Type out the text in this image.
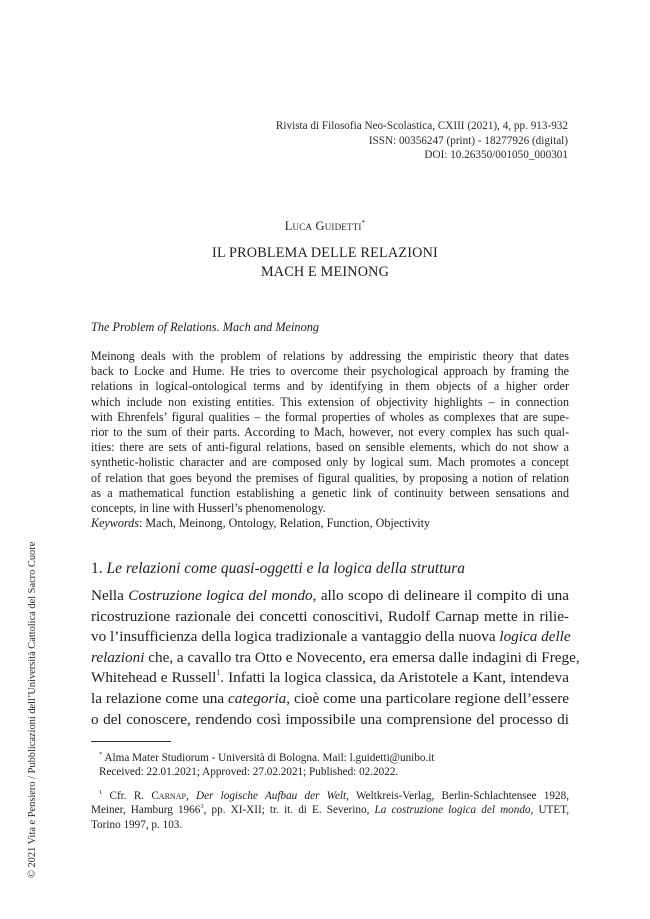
Rivista di Filosofia Neo-Scolastica, CXIII (2021), 4, pp. 913-932
ISSN: 00356247 (print) - 18277926 (digital)
DOI: 10.26350/001050_000301
Luca Guidetti*
IL PROBLEMA DELLE RELAZIONI
MACH E MEINONG
The Problem of Relations. Mach and Meinong
Meinong deals with the problem of relations by addressing the empiristic theory that dates
back to Locke and Hume. He tries to overcome their psychological approach by framing the
relations in logical-ontological terms and by identifying in them objects of a higher order
which include non existing entities. This extension of objectivity highlights – in connection
with Ehrenfels’ figural qualities – the formal properties of wholes as complexes that are supe-
rior to the sum of their parts. According to Mach, however, not every complex has such qual-
ities: there are sets of anti-figural relations, based on sensible elements, which do not show a
synthetic-holistic character and are composed only by logical sum. Mach promotes a concept
of relation that goes beyond the premises of figural qualities, by proposing a notion of relation
as a mathematical function establishing a genetic link of continuity between sensations and
concepts, in line with Husserl’s phenomenology.
Keywords: Mach, Meinong, Ontology, Relation, Function, Objectivity
1. Le relazioni come quasi-oggetti e la logica della struttura
Nella Costruzione logica del mondo, allo scopo di delineare il compito di una
ricostruzione razionale dei concetti conoscitivi, Rudolf Carnap mette in rilie-
vo l’insufficienza della logica tradizionale a vantaggio della nuova logica delle
relazioni che, a cavallo tra Otto e Novecento, era emersa dalle indagini di Frege,
Whitehead e Russell$^1$. Infatti la logica classica, da Aristotele a Kant, intendeva
la relazione come una categoria, cioè come una particolare regione dell’essere
o del conoscere, rendendo così impossibile una comprensione del processo di
* Alma Mater Studiorum - Università di Bologna. Mail: l.guidetti@unibo.it
Received: 22.01.2021; Approved: 27.02.2021; Published: 02.2022.
$^1$ Cfr. R. Carnap, Der logische Aufbau der Welt, Weltkreis-Verlag, Berlin-Schlachtensee 1928,
Meiner, Hamburg 1966$^3$, pp. XI-XII; tr. it. di E. Severino, La costruzione logica del mondo, UTET,
Torino 1997, p. 103.
© 2021 Vita e Pensiero / Pubblicazioni dell’Università Cattolica del Sacro Cuore
